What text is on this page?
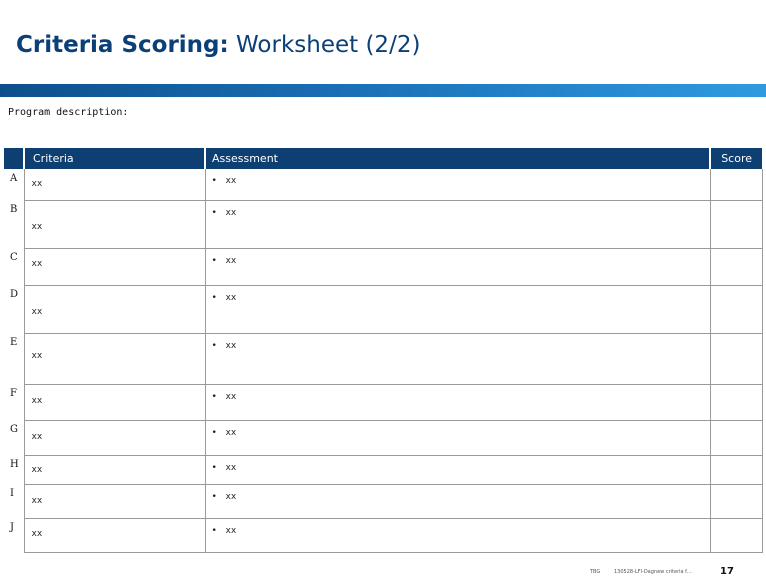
Criteria Scoring: Worksheet (2/2)
Program description:
	Criteria	Assessment	Score
A	xx	• xx	
B	xx	• xx	
C	xx	• xx	
D	xx	• xx	
E	xx	• xx	
F	xx	• xx	
G	xx	• xx	
H	xx	• xx	
I	xx	• xx	
J	xx	• xx	
TBG	130528-LFI-Dagnew criteria f…	17
